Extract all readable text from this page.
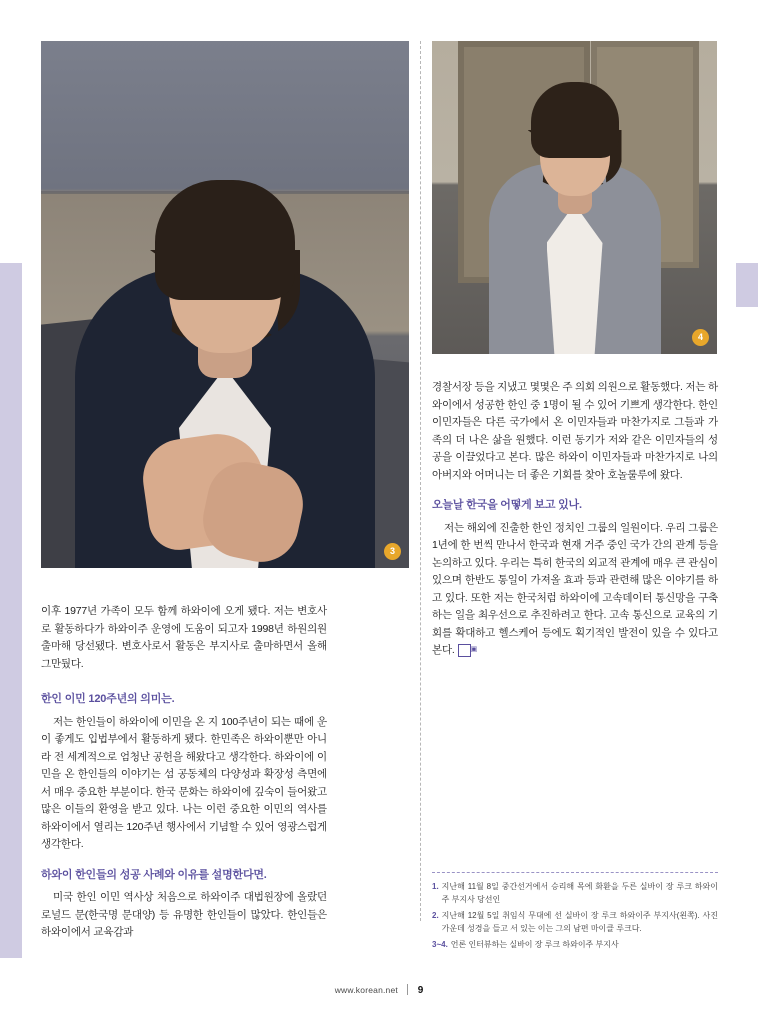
3
4

이후 1977년 가족이 모두 함께 하와이에 오게 됐다. 저는 변호사로 활동하다가 하와이주 운영에 도움이 되고자 1998년 하원의원 출마해 당선됐다. 변호사로서 활동은 부지사로 출마하면서 올해 그만뒀다.

한인 이민 120주년의 의미는.

저는 한인들이 하와이에 이민을 온 지 100주년이 되는 때에 운이 좋게도 입법부에서 활동하게 됐다. 한민족은 하와이뿐만 아니라 전 세계적으로 엄청난 공헌을 해왔다고 생각한다. 하와이에 이민을 온 한인들의 이야기는 섬 공동체의 다양성과 확장성 측면에서 매우 중요한 부분이다. 한국 문화는 하와이에 깊숙이 들어왔고 많은 이들의 환영을 받고 있다. 나는 이런 중요한 이민의 역사를 하와이에서 열리는 120주년 행사에서 기념할 수 있어 영광스럽게 생각한다.

하와이 한인들의 성공 사례와 이유를 설명한다면.

미국 한인 이민 역사상 처음으로 하와이주 대법원장에 올랐던 로널드 문(한국명 문대양) 등 유명한 한인들이 많았다. 한인들은 하와이에서 교육감과

경찰서장 등을 지냈고 몇몇은 주 의회 의원으로 활동했다. 저는 하와이에서 성공한 한인 중 1명이 될 수 있어 기쁘게 생각한다. 한인 이민자들은 다른 국가에서 온 이민자들과 마찬가지로 그들과 가족의 더 나은 삶을 원했다. 이런 동기가 저와 같은 이민자들의 성공을 이끌었다고 본다. 많은 하와이 이민자들과 마찬가지로 나의 아버지와 어머니는 더 좋은 기회를 찾아 호놀룰루에 왔다.

오늘날 한국을 어떻게 보고 있나.

저는 해외에 진출한 한인 정치인 그룹의 일원이다. 우리 그룹은 1년에 한 번씩 만나서 한국과 현재 거주 중인 국가 간의 관계 등을 논의하고 있다. 우리는 특히 한국의 외교적 관계에 매우 큰 관심이 있으며 한반도 통일이 가져올 효과 등과 관련해 많은 이야기를 하고 있다. 또한 저는 한국처럼 하와이에 고속데이터 통신망을 구축하는 일을 최우선으로 추진하려고 한다. 고속 통신으로 교육의 기회를 확대하고 헬스케어 등에도 획기적인 발전이 있을 수 있다고 본다. ▣

1. 지난해 11월 8일 중간선거에서 승리해 목에 화환을 두른 실바이 장 루크 하와이주 부지사 당선인
2. 지난해 12월 5일 취임식 무대에 선 실바이 장 루크 하와이주 부지사(왼쪽). 사진 가운데 성경을 들고 서 있는 이는 그의 남편 마이클 루크다.
3~4. 언론 인터뷰하는 실바이 장 루크 하와이주 부지사
www.korean.net 9
